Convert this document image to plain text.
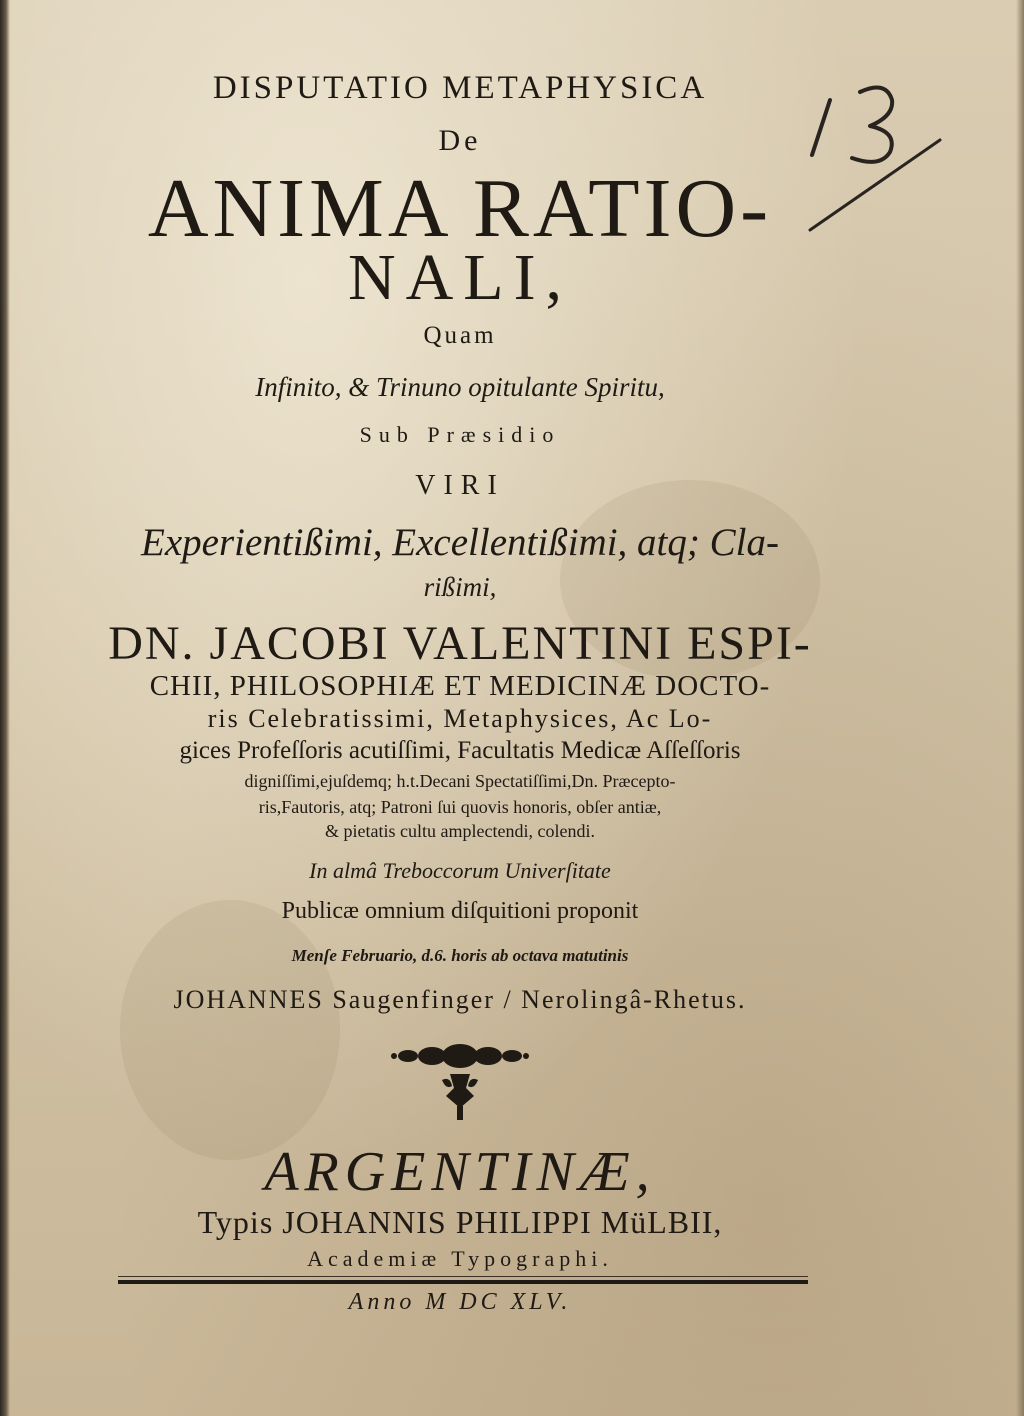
DISPUTATIO METAPHYSICA
De
ANIMA RATIO-
NALI,
Quam
Infinito, & Trinuno opitulante Spiritu,
Sub Præsidio
VIRI
Experientißimi, Excellentißimi, atq; Cla-
rißimi,
DN. JACOBI VALENTINI ESPI-
CHII, PHILOSOPHIÆ ET MEDICINÆ DOCTO-
ris Celebratissimi, Metaphysices, Ac Lo-
gices Profeſſoris acutiſſimi, Facultatis Medicæ Aſſeſſoris
digniſſimi,ejuſdemq; h.t.Decani Spectatiſſimi,Dn. Præcepto-
ris,Fautoris, atq; Patroni ſui quovis honoris, obſer antiæ,
& pietatis cultu amplectendi, colendi.
In almâ Treboccorum Univerſitate
Publicæ omnium diſquitioni proponit
Menſe Februario, d.6. horis ab octava matutinis
JOHANNES Saugenfinger / Nerolingâ-Rhetus.
ARGENTINÆ,
Typis JOHANNIS PHILIPPI MüLBII,
Academiæ Typographi.
Anno M DC XLV.
